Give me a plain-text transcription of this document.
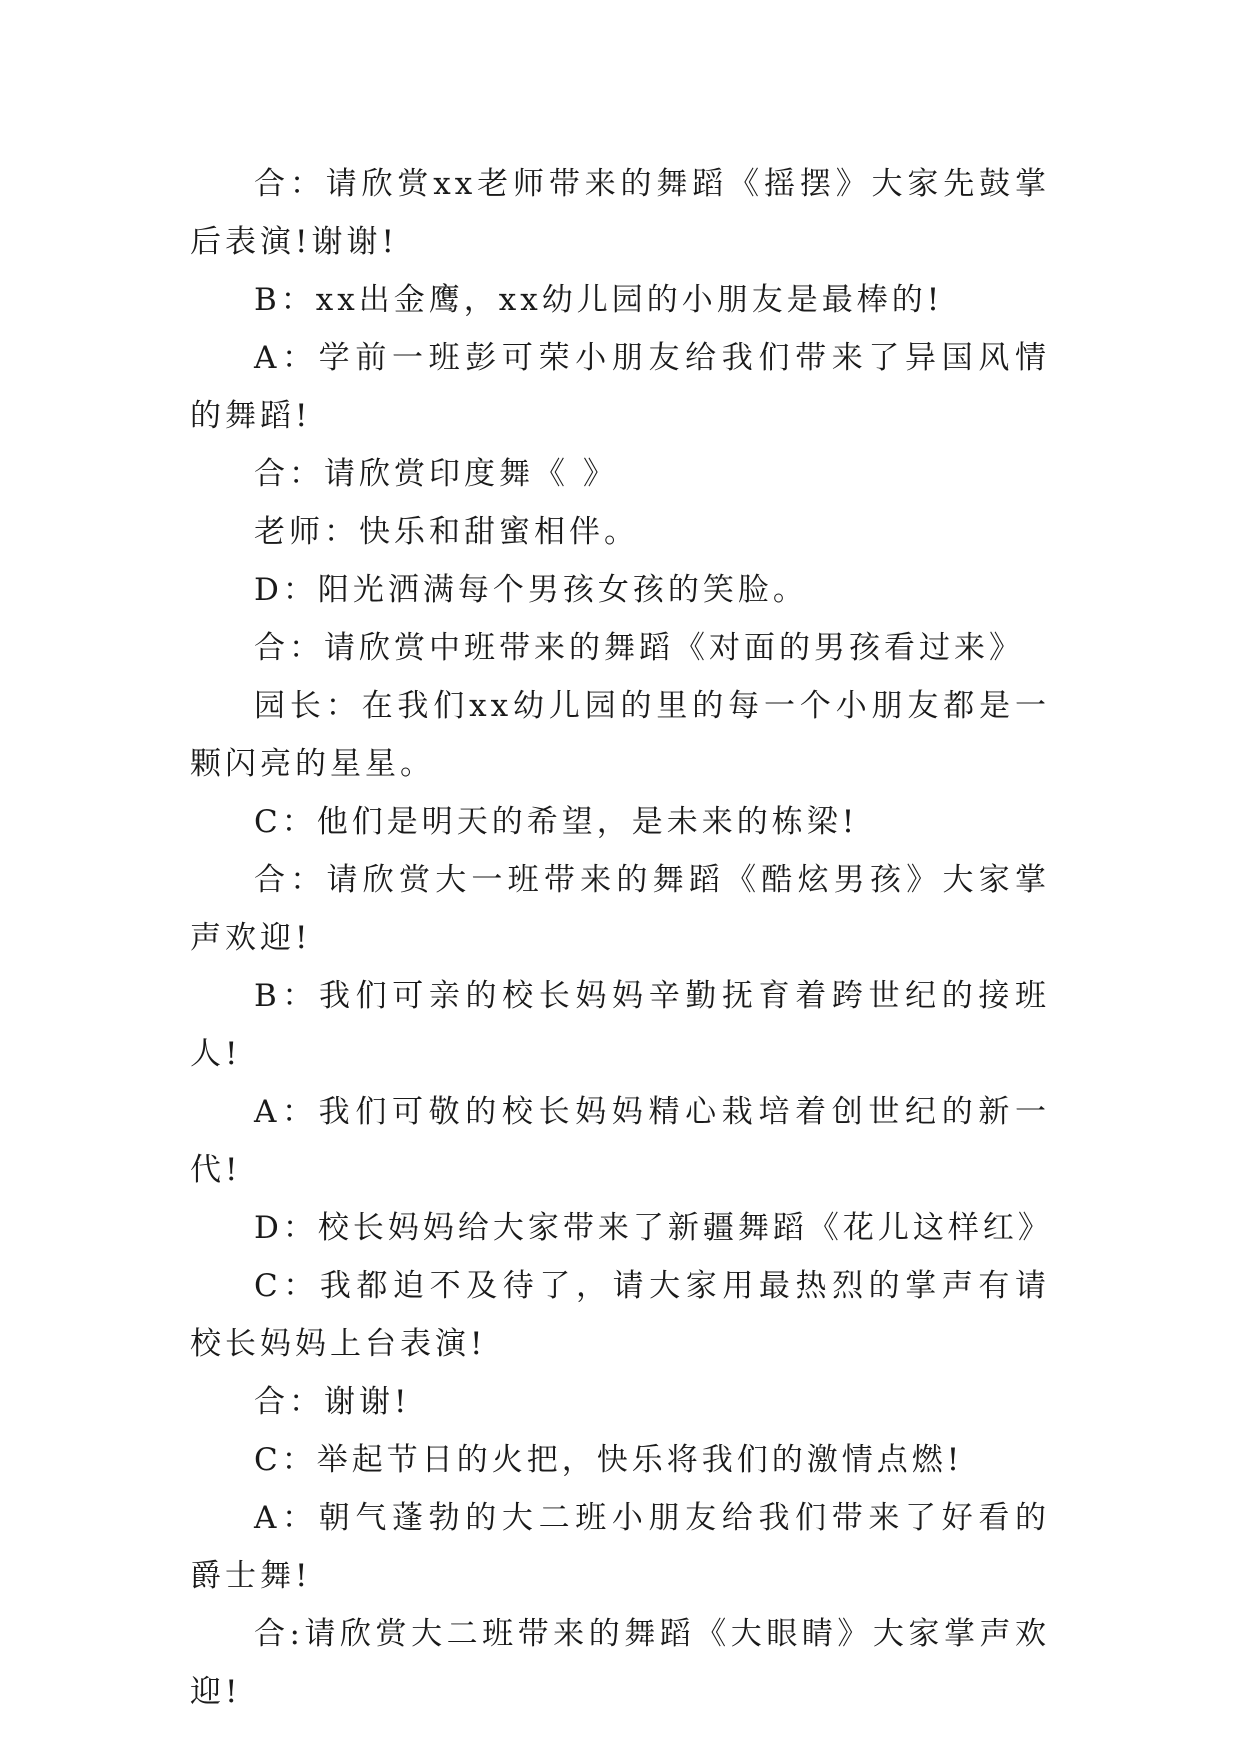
合：请欣赏xx老师带来的舞蹈《摇摆》大家先鼓掌后表演!谢谢!

B：xx出金鹰，xx幼儿园的小朋友是最棒的!

A：学前一班彭可荣小朋友给我们带来了异国风情的舞蹈!

合：请欣赏印度舞《 》

老师：快乐和甜蜜相伴。

D：阳光洒满每个男孩女孩的笑脸。

合：请欣赏中班带来的舞蹈《对面的男孩看过来》

园长：在我们xx幼儿园的里的每一个小朋友都是一颗闪亮的星星。

C：他们是明天的希望，是未来的栋梁!

合：请欣赏大一班带来的舞蹈《酷炫男孩》大家掌声欢迎!

B：我们可亲的校长妈妈辛勤抚育着跨世纪的接班人!

A：我们可敬的校长妈妈精心栽培着创世纪的新一代!

D：校长妈妈给大家带来了新疆舞蹈《花儿这样红》

C：我都迫不及待了，请大家用最热烈的掌声有请校长妈妈上台表演!

合：谢谢!

C：举起节日的火把，快乐将我们的激情点燃!

A：朝气蓬勃的大二班小朋友给我们带来了好看的爵士舞!

合:请欣赏大二班带来的舞蹈《大眼睛》大家掌声欢迎!
